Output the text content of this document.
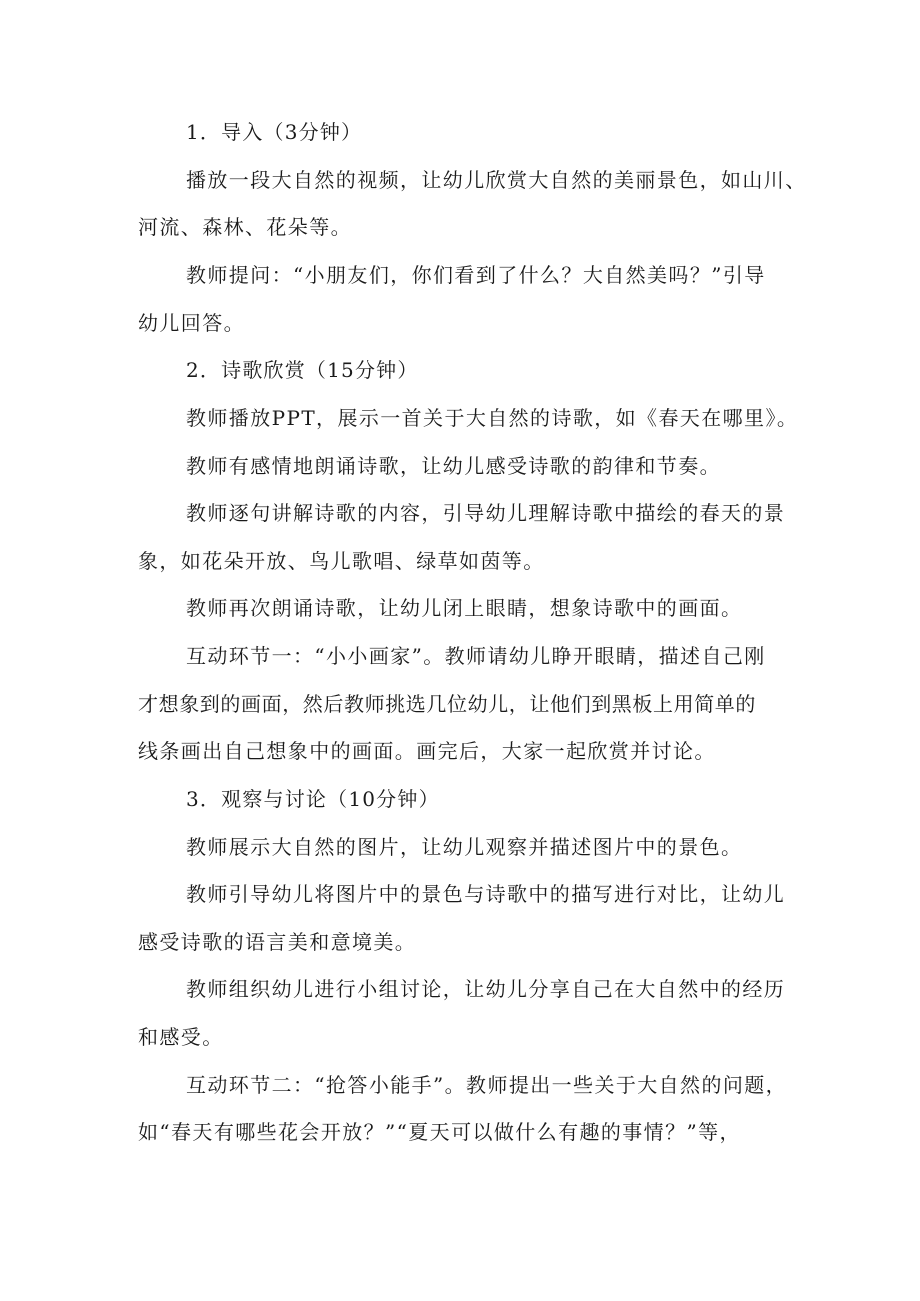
1．导入（3分钟）
播放一段大自然的视频，让幼儿欣赏大自然的美丽景色，如山川、
河流、森林、花朵等。
教师提问：“小朋友们，你们看到了什么？大自然美吗？”引导
幼儿回答。
2．诗歌欣赏（15分钟）
教师播放PPT，展示一首关于大自然的诗歌，如《春天在哪里》。
教师有感情地朗诵诗歌，让幼儿感受诗歌的韵律和节奏。
教师逐句讲解诗歌的内容，引导幼儿理解诗歌中描绘的春天的景
象，如花朵开放、鸟儿歌唱、绿草如茵等。
教师再次朗诵诗歌，让幼儿闭上眼睛，想象诗歌中的画面。
互动环节一：“小小画家”。教师请幼儿睁开眼睛，描述自己刚
才想象到的画面，然后教师挑选几位幼儿，让他们到黑板上用简单的
线条画出自己想象中的画面。画完后，大家一起欣赏并讨论。
3．观察与讨论（10分钟）
教师展示大自然的图片，让幼儿观察并描述图片中的景色。
教师引导幼儿将图片中的景色与诗歌中的描写进行对比，让幼儿
感受诗歌的语言美和意境美。
教师组织幼儿进行小组讨论，让幼儿分享自己在大自然中的经历
和感受。
互动环节二：“抢答小能手”。教师提出一些关于大自然的问题，
如“春天有哪些花会开放？”“夏天可以做什么有趣的事情？”等，
